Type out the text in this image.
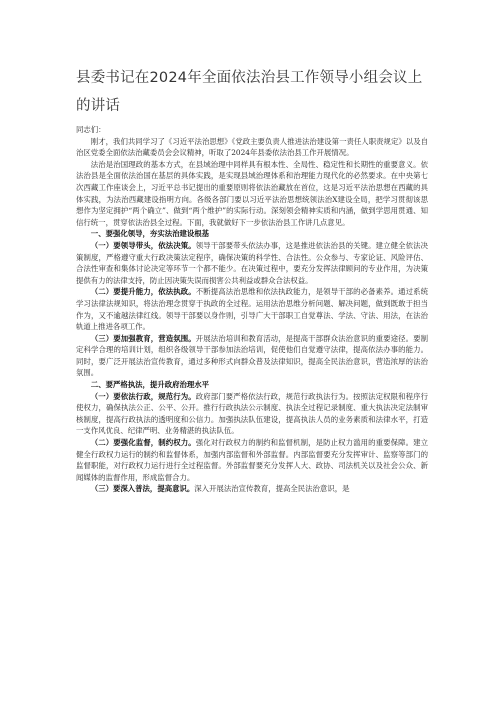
县委书记在2024年全面依法治县工作领导小组会议上的讲话

同志们：

刚才，我们共同学习了《习近平法治思想》《党政主要负责人推进法治建设第一责任人职责规定》以及自治区党委全面依法治藏委员会会议精神，听取了2024年县委依法治县工作开展情况。

法治是治国理政的基本方式，在县域治理中同样具有根本性、全局性、稳定性和长期性的重要意义。依法治县是全面依法治国在基层的具体实践，是实现县域治理体系和治理能力现代化的必然要求。在中央第七次西藏工作座谈会上，习近平总书记提出的重要原则将依法治藏放在首位，这是习近平法治思想在西藏的具体实践，为法治西藏建设指明方向。各级各部门要以习近平法治思想统领法治X建设全局，把学习贯彻该思想作为坚定拥护“两个确立”、做到“两个维护”的实际行动。深刻领会精神实质和内涵，做到学思用贯通、知信行统一，贯穿依法治县全过程。下面，我就做好下一步依法治县工作讲几点意见。

一、要强化领导，夯实法治建设根基

（一）要领导带头，依法决策。领导干部要带头依法办事，这是推进依法治县的关键。建立健全依法决策制度，严格遵守重大行政决策法定程序，确保决策的科学性、合法性。公众参与、专家论证、风险评估、合法性审查和集体讨论决定等环节一个都不能少。在决策过程中，要充分发挥法律顾问的专业作用，为决策提供有力的法律支持，防止因决策失误而损害公共利益或群众合法权益。

（二）要提升能力，依法执政。不断提高法治思维和依法执政能力，是领导干部的必备素养。通过系统学习法律法规知识，将法治理念贯穿于执政的全过程。运用法治思维分析问题、解决问题，做到既敢于担当作为，又不逾越法律红线。领导干部要以身作则，引导广大干部职工自觉尊法、学法、守法、用法，在法治轨道上推进各项工作。

（三）要加强教育，营造氛围。开展法治培训和教育活动，是提高干部群众法治意识的重要途径。要制定科学合理的培训计划，组织各级领导干部参加法治培训，促使他们自觉遵守法律，提高依法办事的能力。同时，要广泛开展法治宣传教育，通过多种形式向群众普及法律知识，提高全民法治意识，营造浓厚的法治氛围。

二、要严格执法，提升政府治理水平

（一）要依法行政，规范行为。政府部门要严格依法行政，规范行政执法行为。按照法定权限和程序行使权力，确保执法公正、公平、公开。推行行政执法公示制度、执法全过程记录制度、重大执法决定法制审核制度，提高行政执法的透明度和公信力。加强执法队伍建设，提高执法人员的业务素质和法律水平，打造一支作风优良、纪律严明、业务精湛的执法队伍。

（二）要强化监督，制约权力。强化对行政权力的制约和监督机制，是防止权力滥用的重要保障。建立健全行政权力运行的制约和监督体系，加强内部监督和外部监督。内部监督要充分发挥审计、监察等部门的监督职能，对行政权力运行进行全过程监督。外部监督要充分发挥人大、政协、司法机关以及社会公众、新闻媒体的监督作用，形成监督合力。

（三）要深入普法，提高意识。深入开展法治宣传教育，提高全民法治意识，是
